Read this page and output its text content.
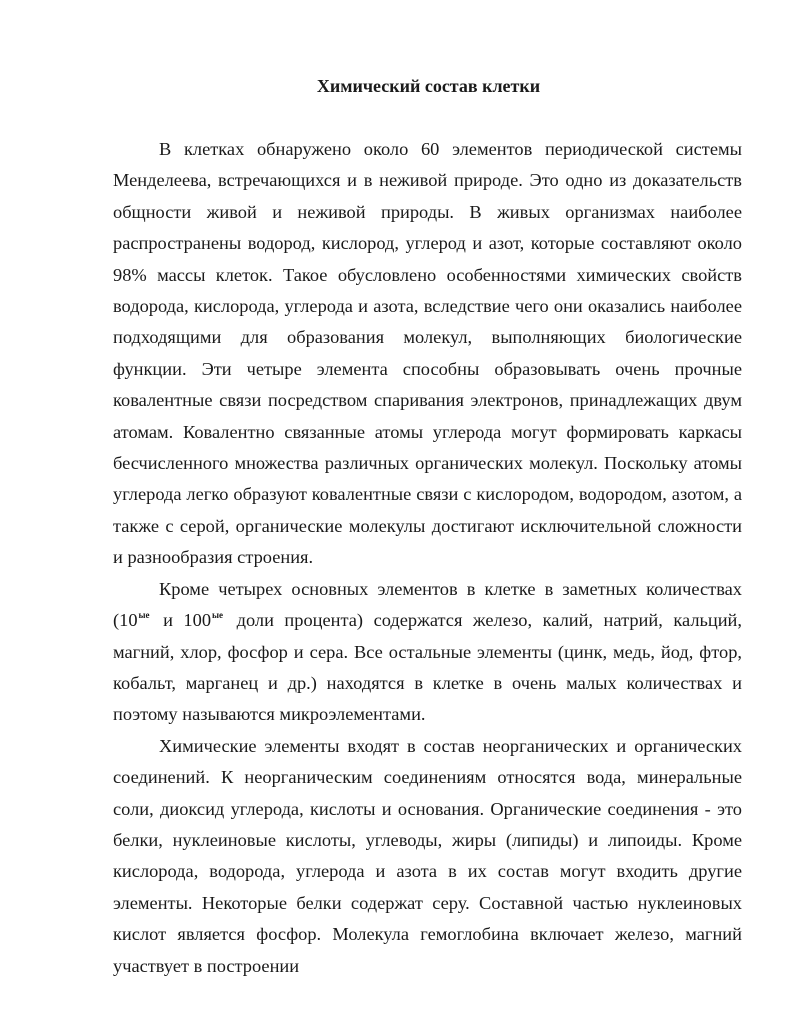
Химический состав клетки

В клетках обнаружено около 60 элементов периодической системы Менделеева, встречающихся и в неживой природе. Это одно из доказательств общности живой и неживой природы. В живых организмах наиболее распространены водород, кислород, углерод и азот, которые составляют около 98% массы клеток. Такое обусловлено особенностями химических свойств водорода, кислорода, углерода и азота, вследствие чего они оказались наиболее подходящими для образования молекул, выполняющих биологические функции. Эти четыре элемента способны образовывать очень прочные ковалентные связи посредством спаривания электронов, принадлежащих двум атомам. Ковалентно связанные атомы углерода могут формировать каркасы бесчисленного множества различных органических молекул. Поскольку атомы углерода легко образуют ковалентные связи с кислородом, водородом, азотом, а также с серой, органические молекулы достигают исключительной сложности и разнообразия строения.

Кроме четырех основных элементов в клетке в заметных количествах ($10^{ые}$ и $100^{ые}$ доли процента) содержатся железо, калий, натрий, кальций, магний, хлор, фосфор и сера. Все остальные элементы (цинк, медь, йод, фтор, кобальт, марганец и др.) находятся в клетке в очень малых количествах и поэтому называются микроэлементами.

Химические элементы входят в состав неорганических и органических соединений. К неорганическим соединениям относятся вода, минеральные соли, диоксид углерода, кислоты и основания. Органические соединения - это белки, нуклеиновые кислоты, углеводы, жиры (липиды) и липоиды. Кроме кислорода, водорода, углерода и азота в их состав могут входить другие элементы. Некоторые белки содержат серу. Составной частью нуклеиновых кислот является фосфор. Молекула гемоглобина включает железо, магний участвует в построении
